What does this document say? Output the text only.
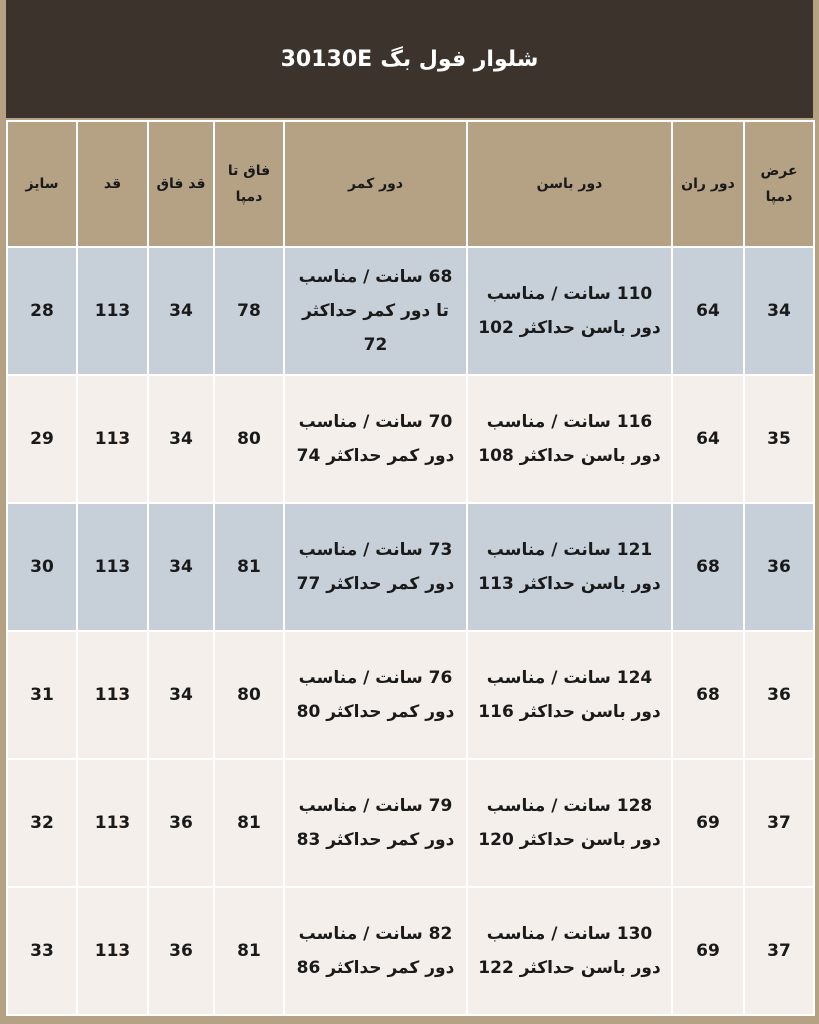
شلوار فول بگ 30130E
عرض دمپا	دور ران	دور باسن	دور کمر	فاق تا دمپا	قد فاق	قد	سایز
34	64	110 سانت / مناسب دور باسن حداکثر 102	68 سانت / مناسب تا دور کمر حداکثر 72	78	34	113	28
35	64	116 سانت / مناسب دور باسن حداکثر 108	70 سانت / مناسب دور کمر حداکثر 74	80	34	113	29
36	68	121 سانت / مناسب دور باسن حداکثر 113	73 سانت / مناسب دور کمر حداکثر 77	81	34	113	30
36	68	124 سانت / مناسب دور باسن حداکثر 116	76 سانت / مناسب دور کمر حداکثر 80	80	34	113	31
37	69	128 سانت / مناسب دور باسن حداکثر 120	79 سانت / مناسب دور کمر حداکثر 83	81	36	113	32
37	69	130 سانت / مناسب دور باسن حداکثر 122	82 سانت / مناسب دور کمر حداکثر 86	81	36	113	33
